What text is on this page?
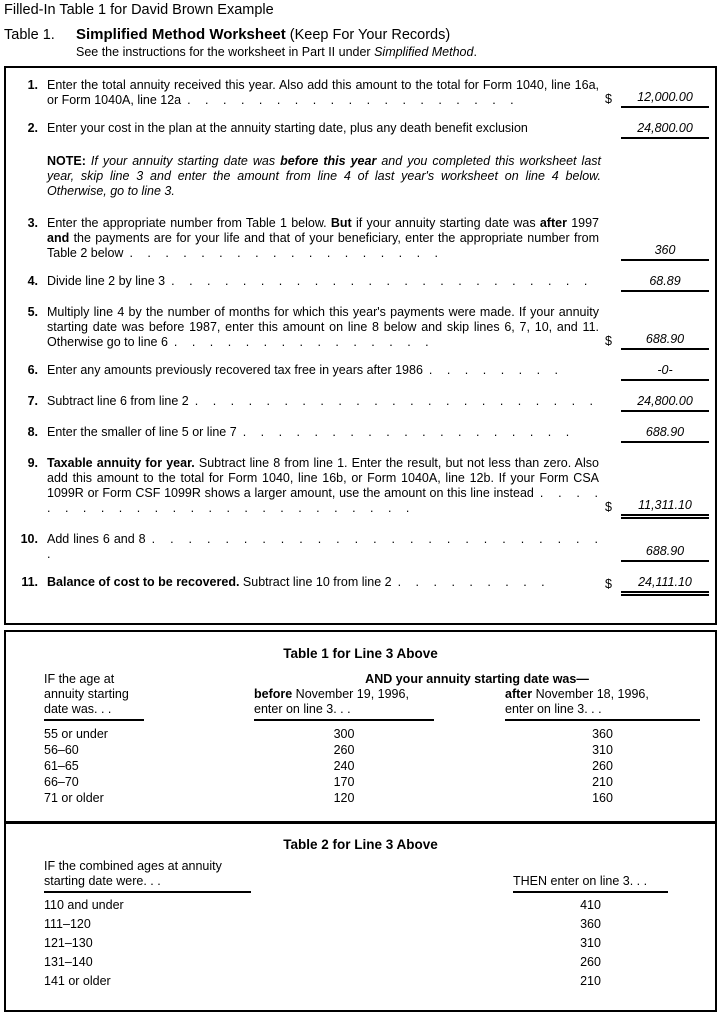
Filled-In Table 1 for David Brown Example
Table 1.	Simplified Method Worksheet (Keep For Your Records)
See the instructions for the worksheet in Part II under Simplified Method.
1. Enter the total annuity received this year. Also add this amount to the total for Form 1040, line 16a, or Form 1040A, line 12a . . . . . . . . . . . . . . . . . . .	$	12,000.00
2. Enter your cost in the plan at the annuity starting date, plus any death benefit exclusion	24,800.00
NOTE: If your annuity starting date was before this year and you completed this worksheet last year, skip line 3 and enter the amount from line 4 of last year's worksheet on line 4 below. Otherwise, go to line 3.
3. Enter the appropriate number from Table 1 below. But if your annuity starting date was after 1997 and the payments are for your life and that of your beneficiary, enter the appropriate number from Table 2 below . . . . . . . . . . . . . . . . . .	360
4. Divide line 2 by line 3 . . . . . . . . . . . . . . . . . . . . . . . .	68.89
5. Multiply line 4 by the number of months for which this year's payments were made. If your annuity starting date was before 1987, enter this amount on line 8 below and skip lines 6, 7, 10, and 11. Otherwise go to line 6 . . . . . . . . . . . . . . .	$	688.90
6. Enter any amounts previously recovered tax free in years after 1986 . . . . . . . .	-0-
7. Subtract line 6 from line 2 . . . . . . . . . . . . . . . . . . . . . . .	24,800.00
8. Enter the smaller of line 5 or line 7 . . . . . . . . . . . . . . . . . . .	688.90
9. Taxable annuity for year. Subtract line 8 from line 1. Enter the result, but not less than zero. Also add this amount to the total for Form 1040, line 16b, or Form 1040A, line 12b. If your Form CSA 1099R or Form CSF 1099R shows a larger amount, use the amount on this line instead . . . . . . . . . . . . . . . . . . . . . . . . .	$	11,311.10
10. Add lines 6 and 8 . . . . . . . . . . . . . . . . . . . . . . . . . .	688.90
11. Balance of cost to be recovered. Subtract line 10 from line 2 . . . . . . . . .	$	24,111.10
Table 1 for Line 3 Above
IF the age at
annuity starting
date was. . .
AND your annuity starting date was—
before November 19, 1996,
enter on line 3. . .
after November 18, 1996,
enter on line 3. . .
55 or under	300	360
56–60	260	310
61–65	240	260
66–70	170	210
71 or older	120	160
Table 2 for Line 3 Above
IF the combined ages at annuity
starting date were. . .	THEN enter on line 3. . .
110 and under	410
111–120	360
121–130	310
131–140	260
141 or older	210
